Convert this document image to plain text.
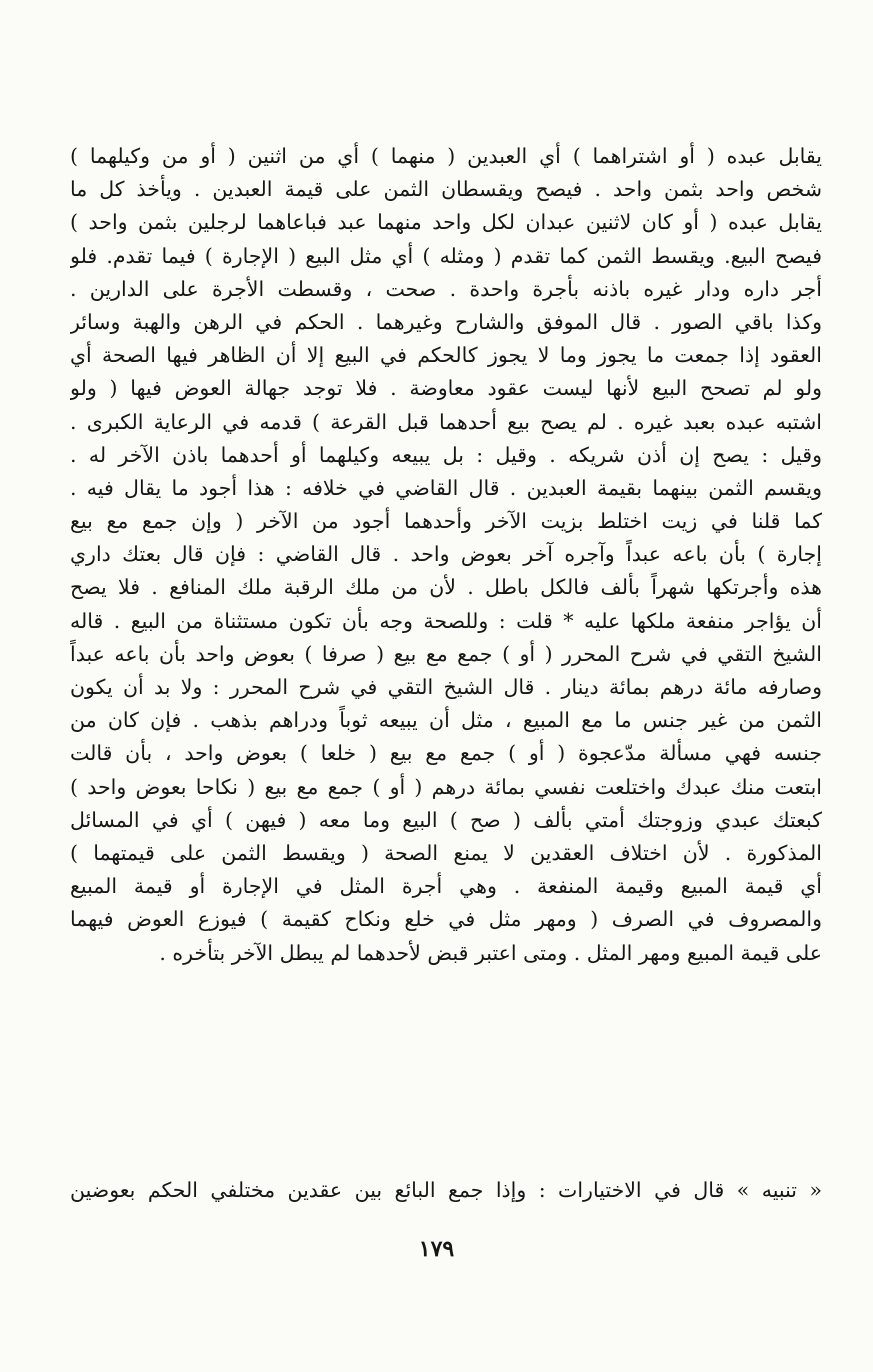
يقابل عبده ( أو اشتراهما ) أي العبدين ( منهما ) أي من اثنين ( أو من وكيلهما )
شخص واحد بثمن واحد . فيصح ويقسطان الثمن على قيمة العبدين . ويأخذ كل ما
يقابل عبده ( أو كان لاثنين عبدان لكل واحد منهما عبد فباعاهما لرجلين بثمن واحد )
فيصح البيع. ويقسط الثمن كما تقدم ( ومثله ) أي مثل البيع ( الإجارة ) فيما تقدم. فلو
أجر داره ودار غيره باذنه بأجرة واحدة . صحت ، وقسطت الأجرة على الدارين .
وكذا باقي الصور . قال الموفق والشارح وغيرهما . الحكم في الرهن والهبة وسائر
العقود إذا جمعت ما يجوز وما لا يجوز كالحكم في البيع إلا أن الظاهر فيها الصحة أي
ولو لم تصحح البيع لأنها ليست عقود معاوضة . فلا توجد جهالة العوض فيها ( ولو
اشتبه عبده بعبد غيره . لم يصح بيع أحدهما قبل القرعة ) قدمه في الرعاية الكبرى .
وقيل : يصح إن أذن شريكه . وقيل : بل يبيعه وكيلهما أو أحدهما باذن الآخر له .
ويقسم الثمن بينهما بقيمة العبدين . قال القاضي في خلافه : هذا أجود ما يقال فيه .
كما قلنا في زيت اختلط بزيت الآخر وأحدهما أجود من الآخر ( وإن جمع مع بيع
إجارة ) بأن باعه عبداً وآجره آخر بعوض واحد . قال القاضي : فإن قال بعتك داري
هذه وأجرتكها شهراً بألف فالكل باطل . لأن من ملك الرقبة ملك المنافع . فلا يصح
أن يؤاجر منفعة ملكها عليه * قلت : وللصحة وجه بأن تكون مستثناة من البيع . قاله
الشيخ التقي في شرح المحرر ( أو ) جمع مع بيع ( صرفا ) بعوض واحد بأن باعه عبداً
وصارفه مائة درهم بمائة دينار . قال الشيخ التقي في شرح المحرر : ولا بد أن يكون
الثمن من غير جنس ما مع المبيع ، مثل أن يبيعه ثوباً ودراهم بذهب . فإن كان من
جنسه فهي مسألة مدّعجوة ( أو ) جمع مع بيع ( خلعا ) بعوض واحد ، بأن قالت
ابتعت منك عبدك واختلعت نفسي بمائة درهم ( أو ) جمع مع بيع ( نكاحا بعوض واحد )
كبعتك عبدي وزوجتك أمتي بألف ( صح ) البيع وما معه ( فيهن ) أي في المسائل
المذكورة . لأن اختلاف العقدين لا يمنع الصحة ( ويقسط الثمن على قيمتهما )
أي قيمة المبيع وقيمة المنفعة . وهي أجرة المثل في الإجارة أو قيمة المبيع
والمصروف في الصرف ( ومهر مثل في خلع ونكاح كقيمة ) فيوزع العوض فيهما
على قيمة المبيع ومهر المثل . ومتى اعتبر قبض لأحدهما لم يبطل الآخر بتأخره .
« تنبيه » قال في الاختيارات : وإذا جمع البائع بين عقدين مختلفي الحكم بعوضين
١٧٩
